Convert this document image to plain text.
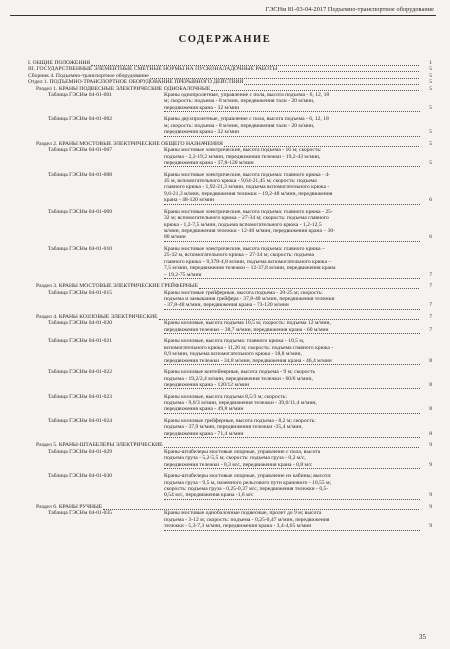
ГЭСНм 81-03-04-2017 Подъемно-транспортное оборудование
СОДЕРЖАНИЕ
I. ОБЩИЕ ПОЛОЖЕНИЯ	1
III. ГОСУДАРСТВЕННЫЕ ЭЛЕМЕНТНЫЕ СМЕТНЫЕ НОРМЫ НА ПУСКОНАЛАДОЧНЫЕ РАБОТЫ	5
Сборник 4. Подъемно-транспортное оборудование	5
Отдел 1. ПОДЪЕМНО-ТРАНСПОРТНОЕ ОБОРУДОВАНИЕ ПРЕРЫВНОГО ДЕЙСТВИЯ	5
Раздел 1. КРАНЫ ПОДВЕСНЫЕ ЭЛЕКТРИЧЕСКИЕ ОДНОБАЛОЧНЫЕ	5
Таблица ГЭСНм 04-01-001	Краны однопролетные, управление с пола, высота подъема - 6, 12, 18
м; скорость: подъема - 8 м/мин, передвижения тали - 20 м/мин,
передвижения крана - 32 м/мин	5
Таблица ГЭСНм 04-01-002	Краны двухпролетные, управление с пола, высота подъема - 6, 12, 18
м; скорость: подъема - 8 м/мин, передвижения тали - 20 м/мин,
передвижения крана - 32 м/мин	5
Раздел 2. КРАНЫ МОСТОВЫЕ ЭЛЕКТРИЧЕСКИЕ ОБЩЕГО НАЗНАЧЕНИЯ	5
Таблица ГЭСНм 04-01-007	Краны мостовые электрические, высота подъема - 16 м; скорость:
подъема - 2,2-19,2 м/мин, передвижения тележки - 19,2-43 м/мин,
передвижения крана - 37,8-120 м/мин	5
Таблица ГЭСНм 04-01-008	Краны мостовые электрические, высота подъема: главного крюка - 4-
45 м, вспомогательного крюка - 9,64-21,45 м; скорость: подъема
главного крюка - 1,92-21,3 м/мин, подъема вспомогательного крюка -
9,6-21,3 м/мин, передвижения тележки – 19,2-48 м/мин, передвижения
крана - 48-120 м/мин	6
Таблица ГЭСНм 04-01-009	Краны мостовые электрические, высота подъема: главного крюка - 25-
32 м; вспомогательного крюка – 27-34 м; скорость: подъема главного
крюка - 1,2-7,5 м/мин, подъема вспомогательного крюка - 1,2-12,5
м/мин, передвижения тележки - 12-40 м/мин, передвижения крана – 30-
80 м/мин	6
Таблица ГЭСНм 04-01-010	Краны мостовые электрические, высота подъема: главного крюка –
25-32 м, вспомогательного крюка – 27-34 м; скорость: подъема
главного крюка – 0,378-4,8 м/мин, подъема вспомогательного крюка –
7,5 м/мин, передвижения тележки – 12-37,8 м/мин, передвижения крана
– 19,2-75 м/мин	7
Раздел 3. КРАНЫ МОСТОВЫЕ ЭЛЕКТРИЧЕСКИЕ ГРЕЙФЕРНЫЕ	7
Таблица ГЭСНм 04-01-015	Краны мостовые грейферные, высота подъема - 20-25 м; скорость:
подъема и замыкания грейфера - 37,8-48 м/мин, передвижения тележки
- 37,8-48 м/мин, передвижения крана - 73-120 м/мин	7
Раздел 4. КРАНЫ КОЗЛОВЫЕ ЭЛЕКТРИЧЕСКИЕ	7
Таблица ГЭСНм 04-01-020	Краны козловые, высота подъема 10,5 м; скорость: подъема 12 м/мин,
передвижения тележки – 38,7 м/мин, передвижения крана - 60 м/мин	7
Таблица ГЭСНм 04-01-021	Краны козловые, высота подъема: главного крюка - 10,5 м,
вспомогательного крюка - 11,26 м; скорость: подъема главного крюка -
8,9 м/мин, подъема вспомогательного крюка - 18,8 м/мин,
передвижения тележки - 34,8 м/мин, передвижения крана - 46,4 м/мин	8
Таблица ГЭСНм 04-01-022	Краны козловые контейнерные, высота подъема - 9 м; скорость
подъема - 19,2/2,4 м/мин, передвижения тележки - 60/6 м/мин,
передвижения крана - 120/12 м/мин	8
Таблица ГЭСНм 04-01-023	Краны козловые, высота подъема 8,5/3 м; скорость:
подъема - 9,6/3 м/мин, передвижения тележки - 39,6/11,4 м/мин,
передвижения крана - 49,8 м/мин	8
Таблица ГЭСНм 04-01-024	Краны козловые грейферные, высота подъема - 8,2 м; скорость:
подъема - 37,9 м/мин, передвижения тележки -35,4 м/мин,
передвижения крана - 71,4 м/мин	8
Раздел 5. КРАНЫ-ШТАБЕЛЕРЫ ЭЛЕКТРИЧЕСКИЕ	9
Таблица ГЭСНм 04-01-029	Краны-штабелеры мостовые опорные, управление с пола, высота
подъема груза - 5,2-5,5 м; скорость: подъема груза - 0,2 м/с,
передвижения тележки - 0,3 м/с, передвижения крана - 0,8 м/с	9
Таблица ГЭСНм 04-01-030	Краны-штабелеры мостовые опорные, управление из кабины; высота:
подъема груза - 9,5 м, наземного рельсового пути кранового - 10,55 м;
скорость: подъема груза - 0,25-0,37 м/с, передвижения тележки - 0,5-
0,54 м/с, передвижения крана -1,6 м/с	9
Раздел 6. КРАНЫ РУЧНЫЕ	9
Таблица ГЭСНм 04-01-035	Краны мостовые однобалочные подвесные, пролет до 9 м; высота
подъема - 3-12 м; скорость: подъема - 0,25-0,47 м/мин, передвижения
тележки - 5,3-7,3 м/мин, передвижения крана - 3,4-4,65 м/мин	9
35
